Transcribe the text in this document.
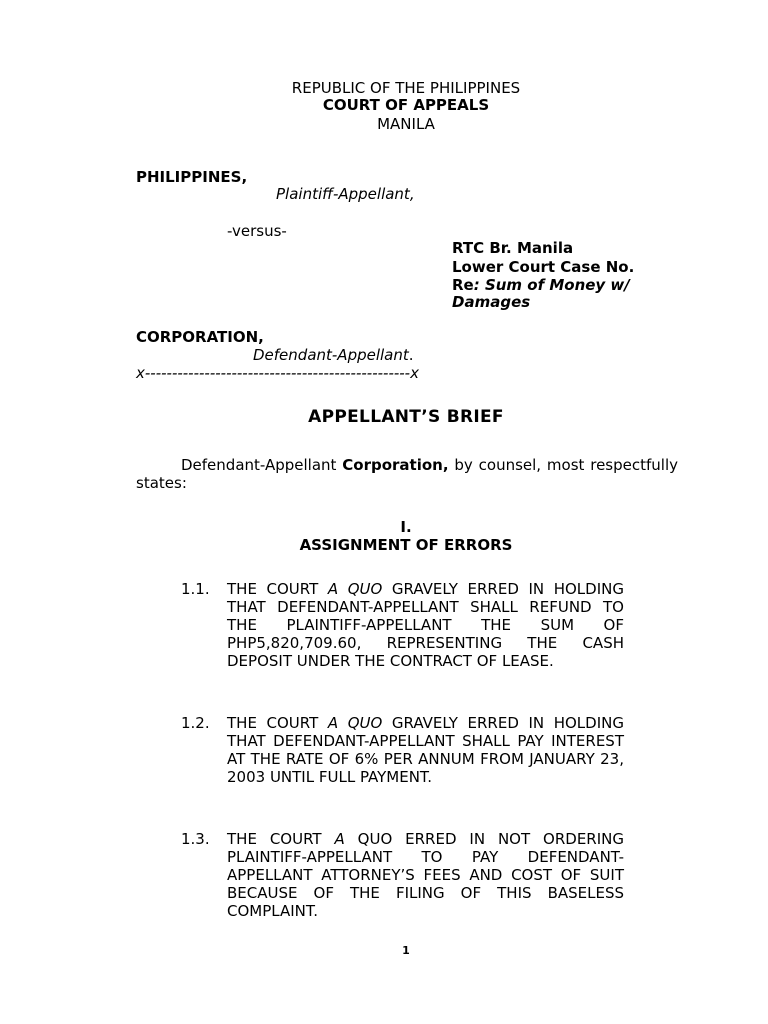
REPUBLIC OF THE PHILIPPINES
COURT OF APPEALS
MANILA
PHILIPPINES,
Plaintiff-Appellant,
-versus-
RTC Br. Manila
Lower Court Case No.
Re: Sum of Money w/
Damages
CORPORATION,
Defendant-Appellant.
x-------------------------------------------------x
APPELLANT’S BRIEF
Defendant-Appellant Corporation, by counsel, most respectfully states:
I.
ASSIGNMENT OF ERRORS
1.1. THE COURT A QUO GRAVELY ERRED IN HOLDING THAT DEFENDANT-APPELLANT SHALL REFUND TO THE PLAINTIFF-APPELLANT THE SUM OF PHP5,820,709.60, REPRESENTING THE CASH DEPOSIT UNDER THE CONTRACT OF LEASE.
1.2. THE COURT A QUO GRAVELY ERRED IN HOLDING THAT DEFENDANT-APPELLANT SHALL PAY INTEREST AT THE RATE OF 6% PER ANNUM FROM JANUARY 23, 2003 UNTIL FULL PAYMENT.
1.3. THE COURT A QUO ERRED IN NOT ORDERING PLAINTIFF-APPELLANT TO PAY DEFENDANT-APPELLANT ATTORNEY’S FEES AND COST OF SUIT BECAUSE OF THE FILING OF THIS BASELESS COMPLAINT.
1
